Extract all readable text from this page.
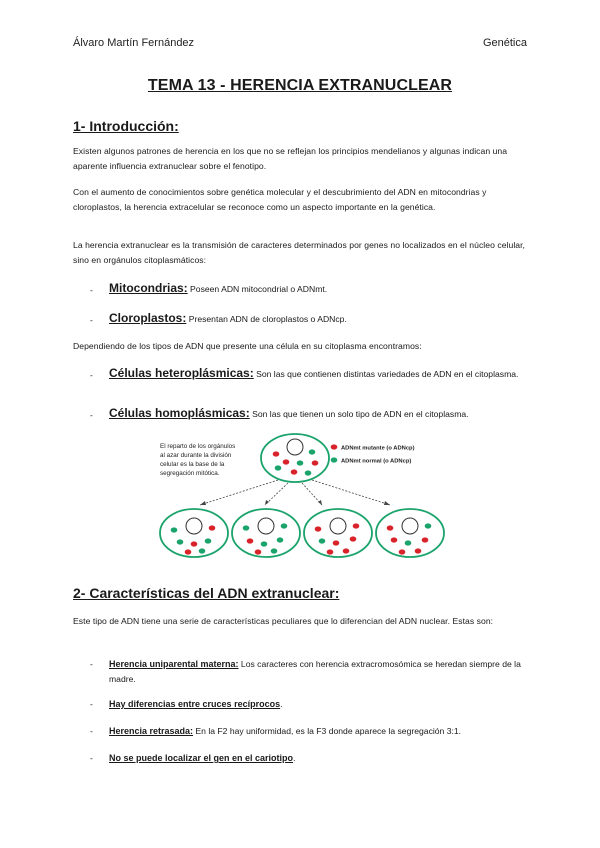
Álvaro Martín Fernández	Genética
TEMA 13 - HERENCIA EXTRANUCLEAR
1- Introducción:
Existen algunos patrones de herencia en los que no se reflejan los principios mendelianos y algunas indican una aparente influencia extranuclear sobre el fenotipo.
Con el aumento de conocimientos sobre genética molecular y el descubrimiento del ADN en mitocondrias y cloroplastos, la herencia extracelular se reconoce como un aspecto importante en la genética.
La herencia extranuclear es la transmisión de caracteres determinados por genes no localizados en el núcleo celular, sino en orgánulos citoplasmáticos:
- Mitocondrias: Poseen ADN mitocondrial o ADNmt.
- Cloroplastos: Presentan ADN de cloroplastos o ADNcp.
Dependiendo de los tipos de ADN que presente una célula en su citoplasma encontramos:
- Células heteroplásmicas: Son las que contienen distintas variedades de ADN en el citoplasma.
- Células homoplásmicas: Son las que tienen un solo tipo de ADN en el citoplasma.
El reparto de los orgánulos
al azar durante la división
celular es la base de la
segregación mitótica.
ADNmt mutante (o ADNcp)
ADNmt normal (o ADNcp)
2- Características del ADN extranuclear:
Este tipo de ADN tiene una serie de características peculiares que lo diferencian del ADN nuclear. Estas son:
- Herencia uniparental materna: Los caracteres con herencia extracromosómica se heredan siempre de la madre.
- Hay diferencias entre cruces recíprocos.
- Herencia retrasada: En la F2 hay uniformidad, es la F3 donde aparece la segregación 3:1.
- No se puede localizar el gen en el cariotipo.
